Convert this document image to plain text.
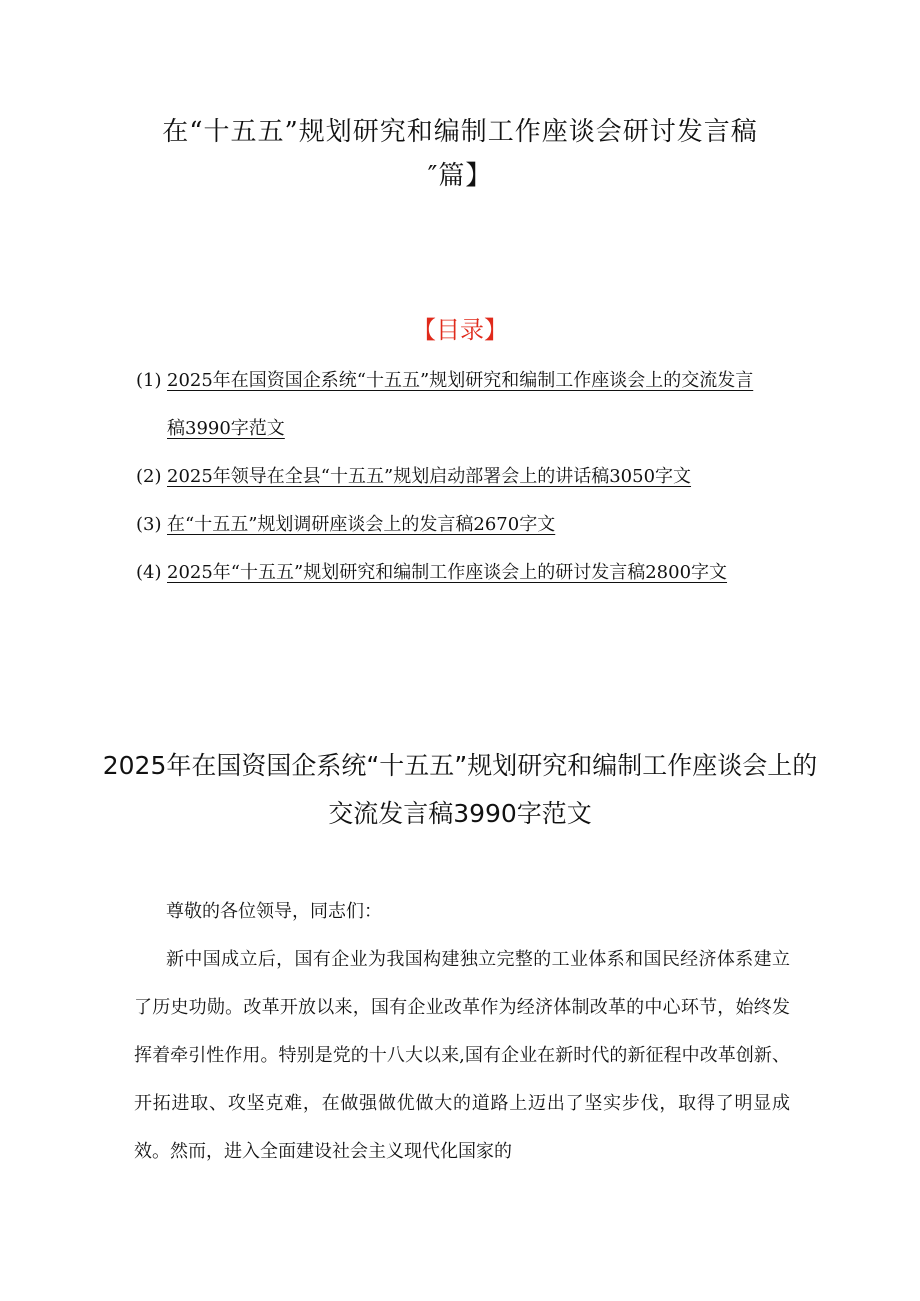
在“十五五”规划研究和编制工作座谈会研讨发言稿
″篇】
【目录】
(1) 2025年在国资国企系统“十五五”规划研究和编制工作座谈会上的交流发言稿3990字范文
(2) 2025年领导在全县“十五五”规划启动部署会上的讲话稿3050字文
(3) 在“十五五”规划调研座谈会上的发言稿2670字文
(4) 2025年“十五五”规划研究和编制工作座谈会上的研讨发言稿2800字文
2025年在国资国企系统“十五五”规划研究和编制工作座谈会上的交流发言稿3990字范文

尊敬的各位领导，同志们：

新中国成立后，国有企业为我国构建独立完整的工业体系和国民经济体系建立了历史功勋。改革开放以来，国有企业改革作为经济体制改革的中心环节，始终发挥着牵引性作用。特别是党的十八大以来,国有企业在新时代的新征程中改革创新、开拓进取、攻坚克难，在做强做优做大的道路上迈出了坚实步伐，取得了明显成效。然而，进入全面建设社会主义现代化国家的
